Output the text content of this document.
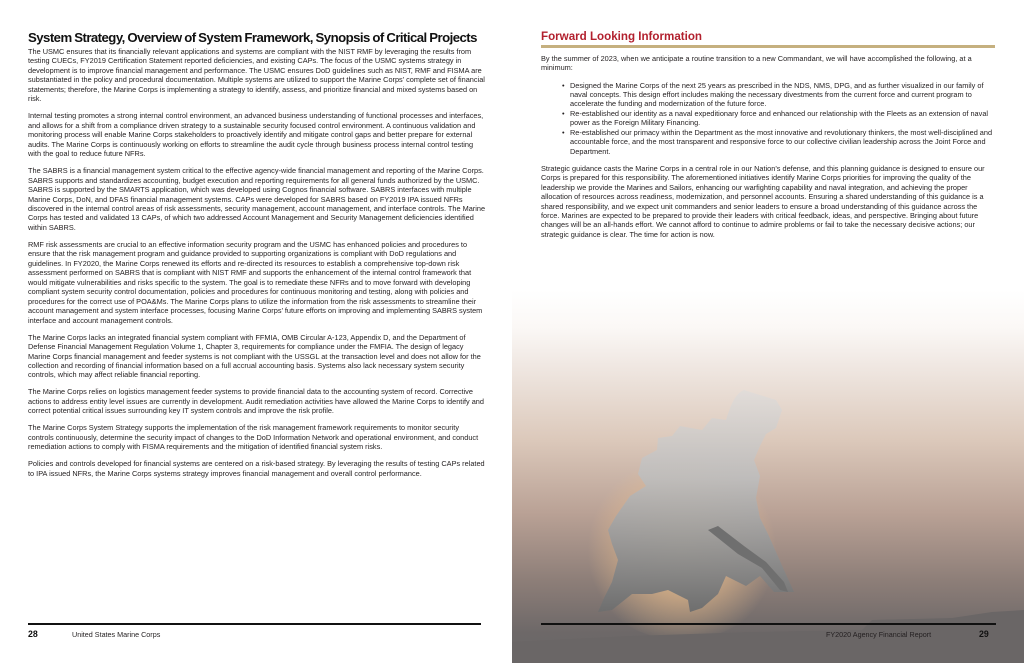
System Strategy, Overview of System Framework, Synopsis of Critical Projects

The USMC ensures that its financially relevant applications and systems are compliant with the NIST RMF by leveraging the results from testing CUECs, FY2019 Certification Statement reported deficiencies, and existing CAPs. The focus of the USMC systems strategy in development is to improve financial management and performance. The USMC ensures DoD guidelines such as NIST, RMF and FISMA are substantiated in the policy and procedural documentation. Multiple systems are utilized to support the Marine Corps’ complete set of financial statements; therefore, the Marine Corps is implementing a strategy to identify, assess, and prioritize financial and mixed systems based on risk.

Internal testing promotes a strong internal control environment, an advanced business understanding of functional processes and interfaces, and allows for a shift from a compliance driven strategy to a sustainable security focused control environment. A continuous validation and monitoring process will enable Marine Corps stakeholders to proactively identify and mitigate control gaps and better prepare for external audits. The Marine Corps is continuously working on efforts to streamline the audit cycle through business process internal control testing with the goal to reduce future NFRs.

The SABRS is a financial management system critical to the effective agency-wide financial management and reporting of the Marine Corps. SABRS supports and standardizes accounting, budget execution and reporting requirements for all general funds authorized by the USMC. SABRS is supported by the SMARTS application, which was developed using Cognos financial software. SABRS interfaces with multiple Marine Corps, DoN, and DFAS financial management systems. CAPs were developed for SABRS based on FY2019 IPA issued NFRs discovered in the internal control areas of risk assessments, security management, account management, and interface controls. The Marine Corps has tested and validated 13 CAPs, of which two addressed Account Management and Security Management deficiencies identified within SABRS.

RMF risk assessments are crucial to an effective information security program and the USMC has enhanced policies and procedures to ensure that the risk management program and guidance provided to supporting organizations is compliant with DoD regulations and guidelines. In FY2020, the Marine Corps renewed its efforts and re-directed its resources to establish a comprehensive top-down risk assessment performed on SABRS that is compliant with NIST RMF and supports the enhancement of the internal control framework that would mitigate vulnerabilities and risks specific to the system. The goal is to remediate these NFRs and to move forward with developing compliant system security control documentation, policies and procedures for continuous monitoring and testing, along with policies and procedures for the correct use of POA&Ms. The Marine Corps plans to utilize the information from the risk assessments to streamline their account management and system interface processes, focusing Marine Corps’ future efforts on improving and implementing SABRS system interface and account management controls.

The Marine Corps lacks an integrated financial system compliant with FFMIA, OMB Circular A-123, Appendix D, and the Department of Defense Financial Management Regulation Volume 1, Chapter 3, requirements for compliance under the FMFIA. The design of legacy Marine Corps financial management and feeder systems is not compliant with the USSGL at the transaction level and does not allow for the collection and recording of financial information based on a full accrual accounting basis. Systems also lack necessary system security controls, which may affect reliable financial reporting.

The Marine Corps relies on logistics management feeder systems to provide financial data to the accounting system of record. Corrective actions to address entity level issues are currently in development. Audit remediation activities have allowed the Marine Corps to identify and correct potential critical issues surrounding key IT system controls and improve the risk profile.

The Marine Corps System Strategy supports the implementation of the risk management framework requirements to monitor security controls continuously, determine the security impact of changes to the DoD Information Network and operational environment, and conduct remediation actions to comply with FISMA requirements and the mitigation of identified financial system risks.

Policies and controls developed for financial systems are centered on a risk-based strategy. By leveraging the results of testing CAPs related to IPA issued NFRs, the Marine Corps systems strategy improves financial management and overall control performance.

28	United States Marine Corps
Forward Looking Information

By the summer of 2023, when we anticipate a routine transition to a new Commandant, we will have accomplished the following, at a minimum:

• Designed the Marine Corps of the next 25 years as prescribed in the NDS, NMS, DPG, and as further visualized in our family of naval concepts. This design effort includes making the necessary divestments from the current force and current program to accelerate the funding and modernization of the future force.
• Re-established our identity as a naval expeditionary force and enhanced our relationship with the Fleets as an extension of naval power as the Foreign Military Financing.
• Re-established our primacy within the Department as the most innovative and revolutionary thinkers, the most well-disciplined and accountable force, and the most transparent and responsive force to our collective civilian leadership across the Joint Force and Department.

Strategic guidance casts the Marine Corps in a central role in our Nation’s defense, and this planning guidance is designed to ensure our Corps is prepared for this responsibility. The aforementioned initiatives identify Marine Corps priorities for improving the quality of the leadership we provide the Marines and Sailors, enhancing our warfighting capability and naval integration, and achieving the proper allocation of resources across readiness, modernization, and personnel accounts. Ensuring a shared understanding of this guidance is a shared responsibility, and we expect unit commanders and senior leaders to ensure a broad understanding of this guidance across the force. Marines are expected to be prepared to provide their leaders with critical feedback, ideas, and perspective. Bringing about future changes will be an all-hands effort. We cannot afford to continue to admire problems or fail to take the necessary decisive actions; our strategic guidance is clear. The time for action is now.

FY2020 Agency Financial Report	29
